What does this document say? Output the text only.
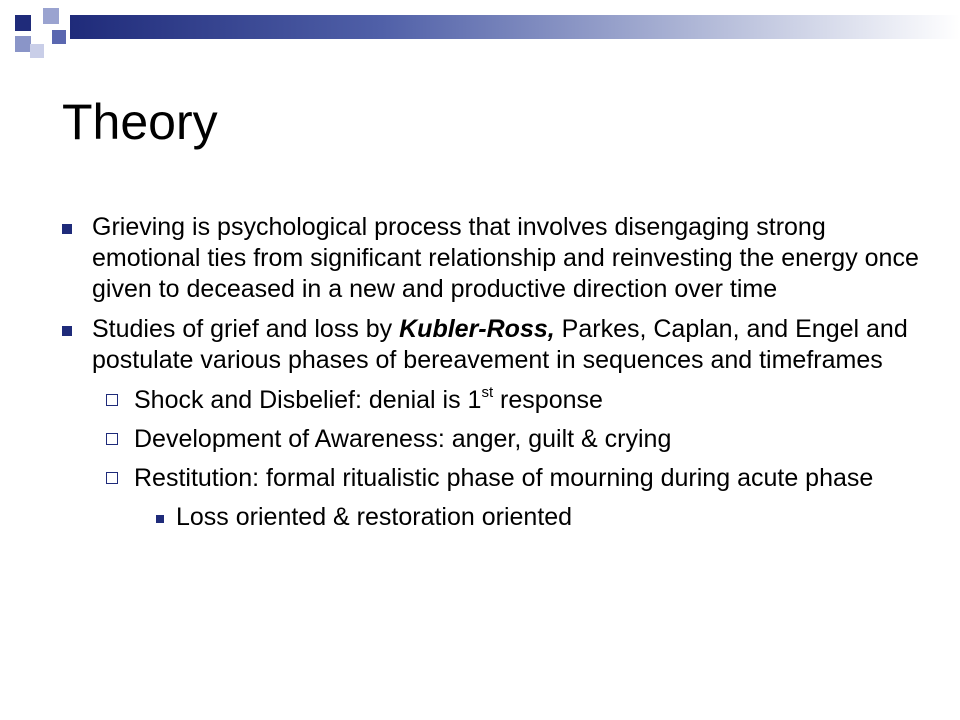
Theory
Grieving is psychological process that involves disengaging strong emotional ties from significant relationship and reinvesting the energy once given to deceased in a new and productive direction over time
Studies of grief and loss by Kubler-Ross, Parkes, Caplan, and Engel and postulate various phases of bereavement in sequences and timeframes
Shock and Disbelief: denial is 1st response
Development of Awareness: anger, guilt & crying
Restitution: formal ritualistic phase of mourning during acute phase
Loss oriented & restoration oriented
